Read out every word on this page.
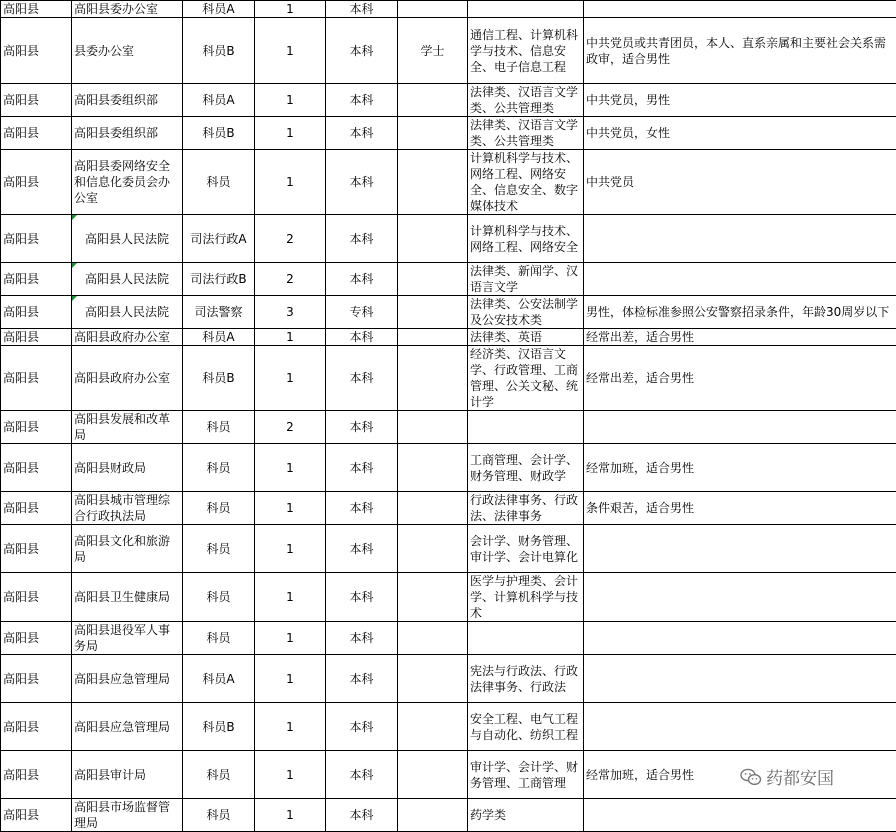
高阳县	高阳县委办公室	科员A	1	本科			
高阳县	县委办公室	科员B	1	本科	学士	通信工程、计算机科学与技术、信息安全、电子信息工程	中共党员或共青团员，本人、直系亲属和主要社会关系需政审，适合男性
高阳县	高阳县委组织部	科员A	1	本科		法律类、汉语言文学类、公共管理类	中共党员，男性
高阳县	高阳县委组织部	科员B	1	本科		法律类、汉语言文学类、公共管理类	中共党员，女性
高阳县	高阳县委网络安全和信息化委员会办公室	科员	1	本科		计算机科学与技术、网络工程、网络安全、信息安全、数字媒体技术	中共党员
高阳县	高阳县人民法院	司法行政A	2	本科		计算机科学与技术、网络工程、网络安全	
高阳县	高阳县人民法院	司法行政B	2	本科		法律类、新闻学、汉语言文学	
高阳县	高阳县人民法院	司法警察	3	专科		法律类、公安法制学及公安技术类	男性，体检标准参照公安警察招录条件，年龄30周岁以下
高阳县	高阳县政府办公室	科员A	1	本科		法律类、英语	经常出差，适合男性
高阳县	高阳县政府办公室	科员B	1	本科		经济类、汉语言文学、行政管理、工商管理、公关文秘、统计学	经常出差，适合男性
高阳县	高阳县发展和改革局	科员	2	本科			
高阳县	高阳县财政局	科员	1	本科		工商管理、会计学、财务管理、财政学	经常加班，适合男性
高阳县	高阳县城市管理综合行政执法局	科员	1	本科		行政法律事务、行政法、法律事务	条件艰苦，适合男性
高阳县	高阳县文化和旅游局	科员	1	本科		会计学、财务管理、审计学、会计电算化	
高阳县	高阳县卫生健康局	科员	1	本科		医学与护理类、会计学、计算机科学与技术	
高阳县	高阳县退役军人事务局	科员	1	本科			
高阳县	高阳县应急管理局	科员A	1	本科		宪法与行政法、行政法律事务、行政法	
高阳县	高阳县应急管理局	科员B	1	本科		安全工程、电气工程与自动化、纺织工程	
高阳县	高阳县审计局	科员	1	本科		审计学、会计学、财务管理、工商管理	经常加班，适合男性
高阳县	高阳县市场监督管理局	科员	1	本科		药学类	
药都安国
